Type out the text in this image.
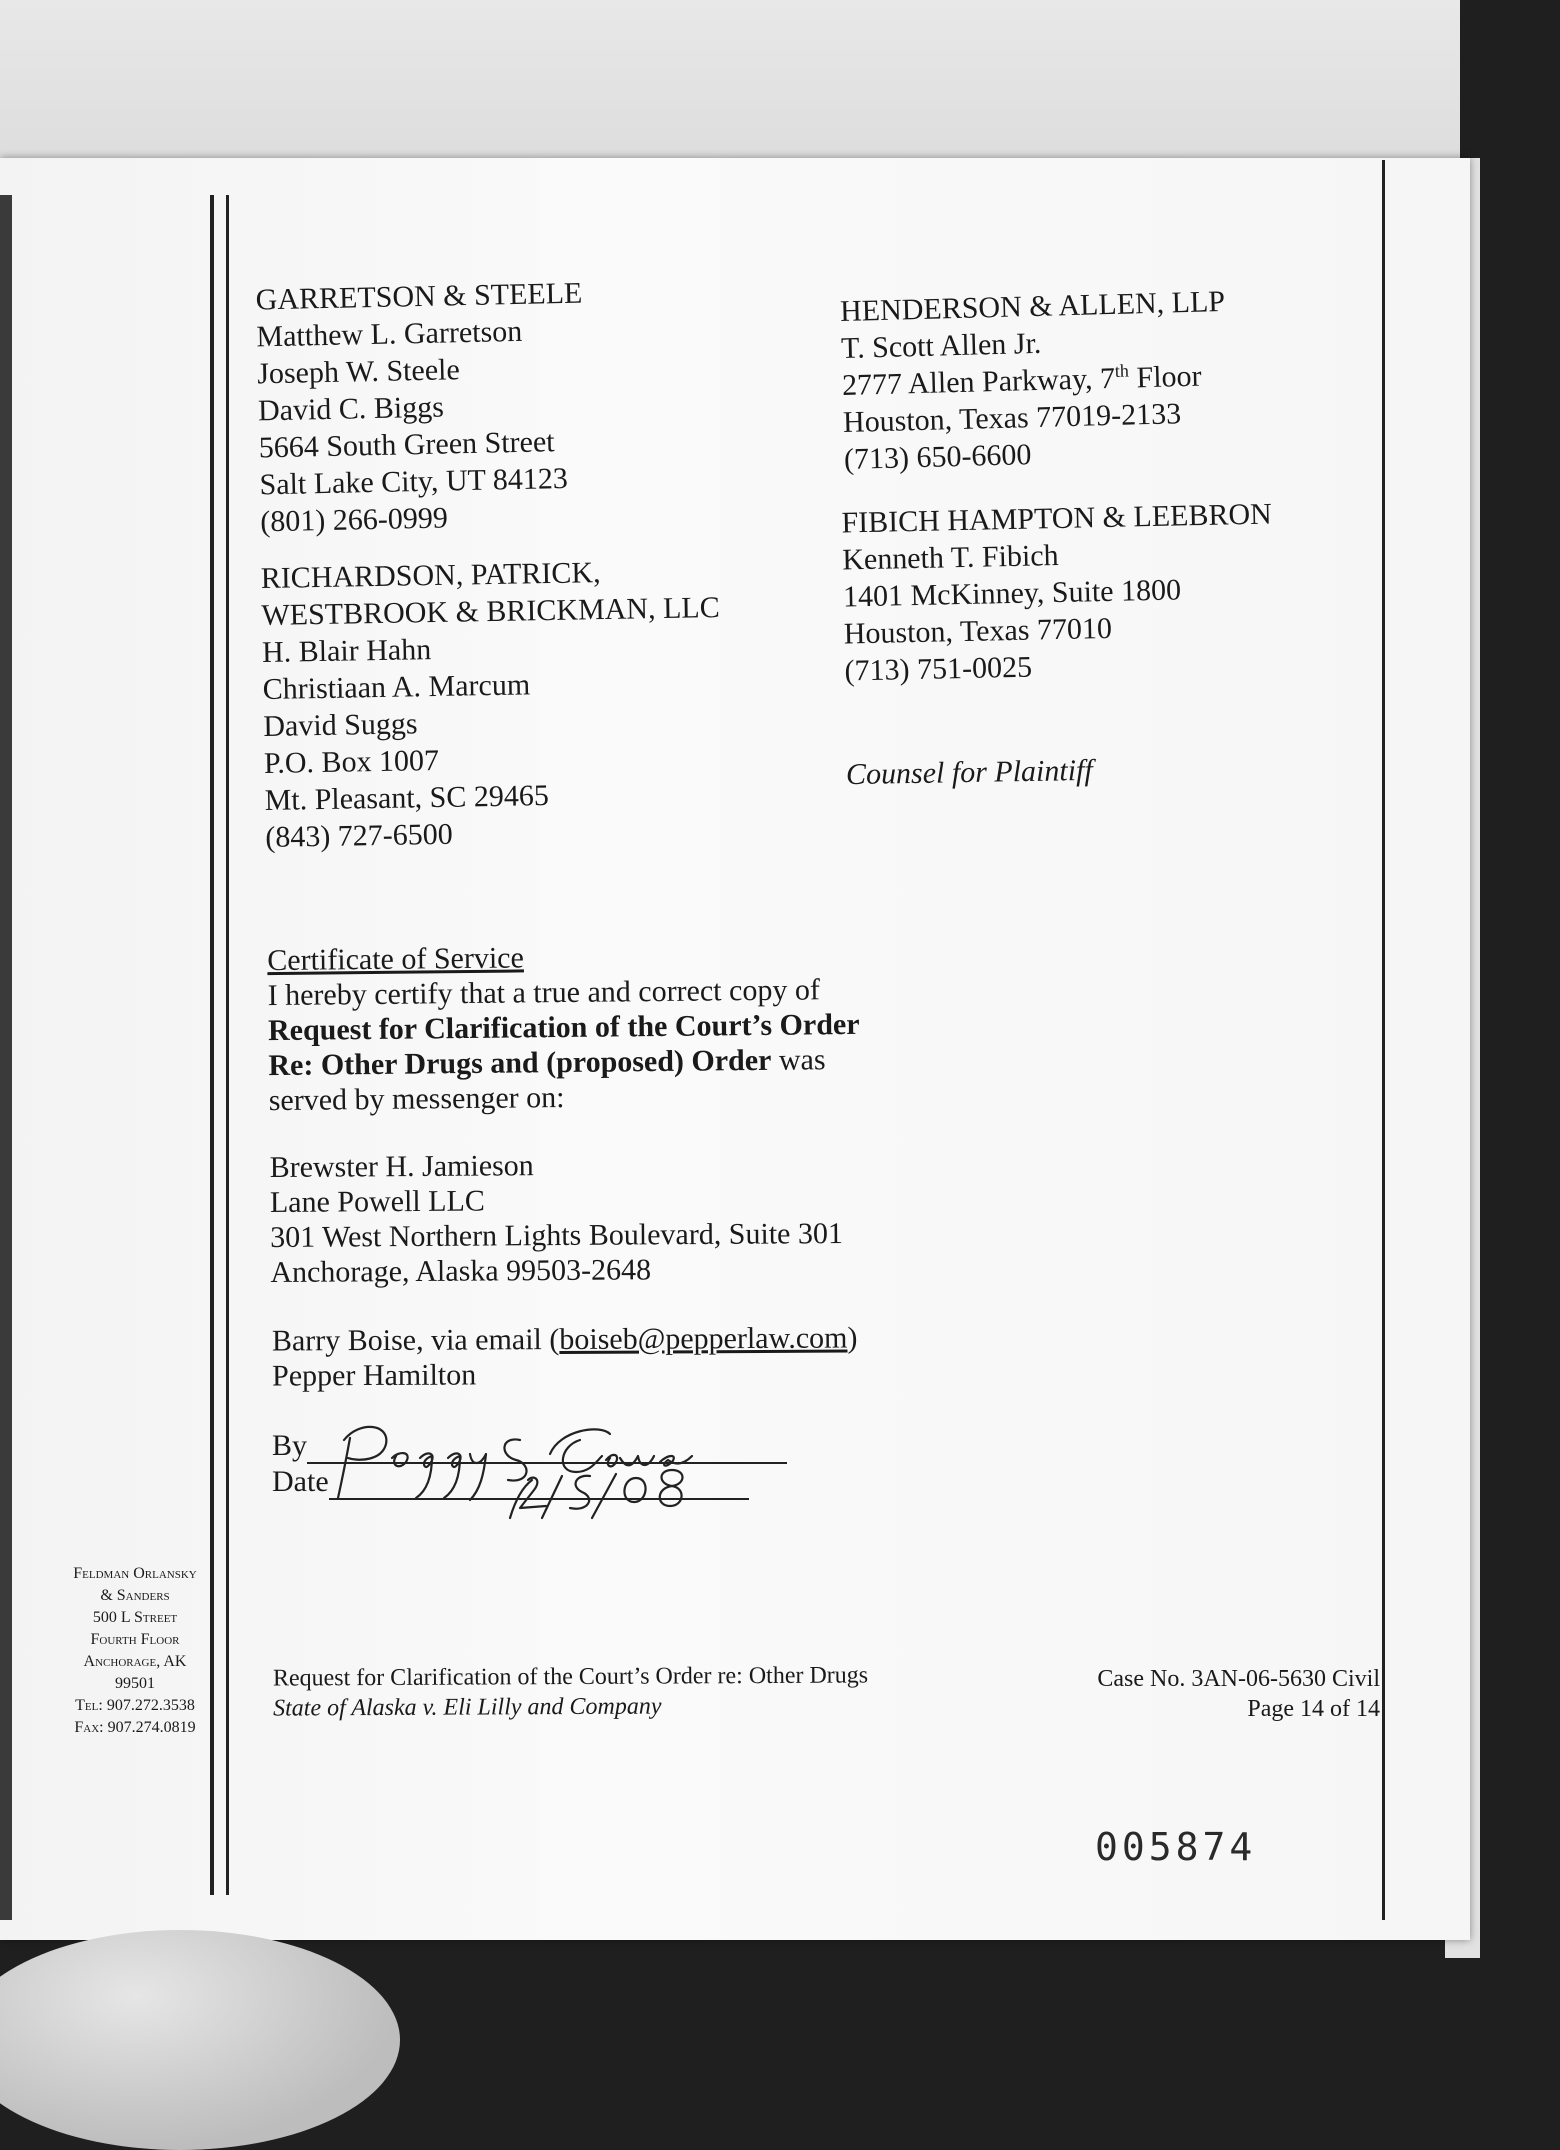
GARRETSON & STEELE
Matthew L. Garretson
Joseph W. Steele
David C. Biggs
5664 South Green Street
Salt Lake City, UT 84123
(801) 266-0999
RICHARDSON, PATRICK,
WESTBROOK & BRICKMAN, LLC
H. Blair Hahn
Christiaan A. Marcum
David Suggs
P.O. Box 1007
Mt. Pleasant, SC 29465
(843) 727-6500
HENDERSON & ALLEN, LLP
T. Scott Allen Jr.
2777 Allen Parkway, 7th Floor
Houston, Texas 77019-2133
(713) 650-6600
FIBICH HAMPTON & LEEBRON
Kenneth T. Fibich
1401 McKinney, Suite 1800
Houston, Texas 77010
(713) 751-0025
Counsel for Plaintiff
Certificate of Service
I hereby certify that a true and correct copy of
Request for Clarification of the Court’s Order
Re: Other Drugs and (proposed) Order was
served by messenger on:
Brewster H. Jamieson
Lane Powell LLC
301 West Northern Lights Boulevard, Suite 301
Anchorage, Alaska 99503-2648
Barry Boise, via email (boiseb@pepperlaw.com)
Pepper Hamilton
By
Date
Feldman Orlansky
& Sanders
500 L Street
Fourth Floor
Anchorage, AK
99501
Tel: 907.272.3538
Fax: 907.274.0819
Request for Clarification of the Court’s Order re: Other Drugs
State of Alaska v. Eli Lilly and Company
Case No. 3AN-06-5630 Civil
Page 14 of 14
005874
